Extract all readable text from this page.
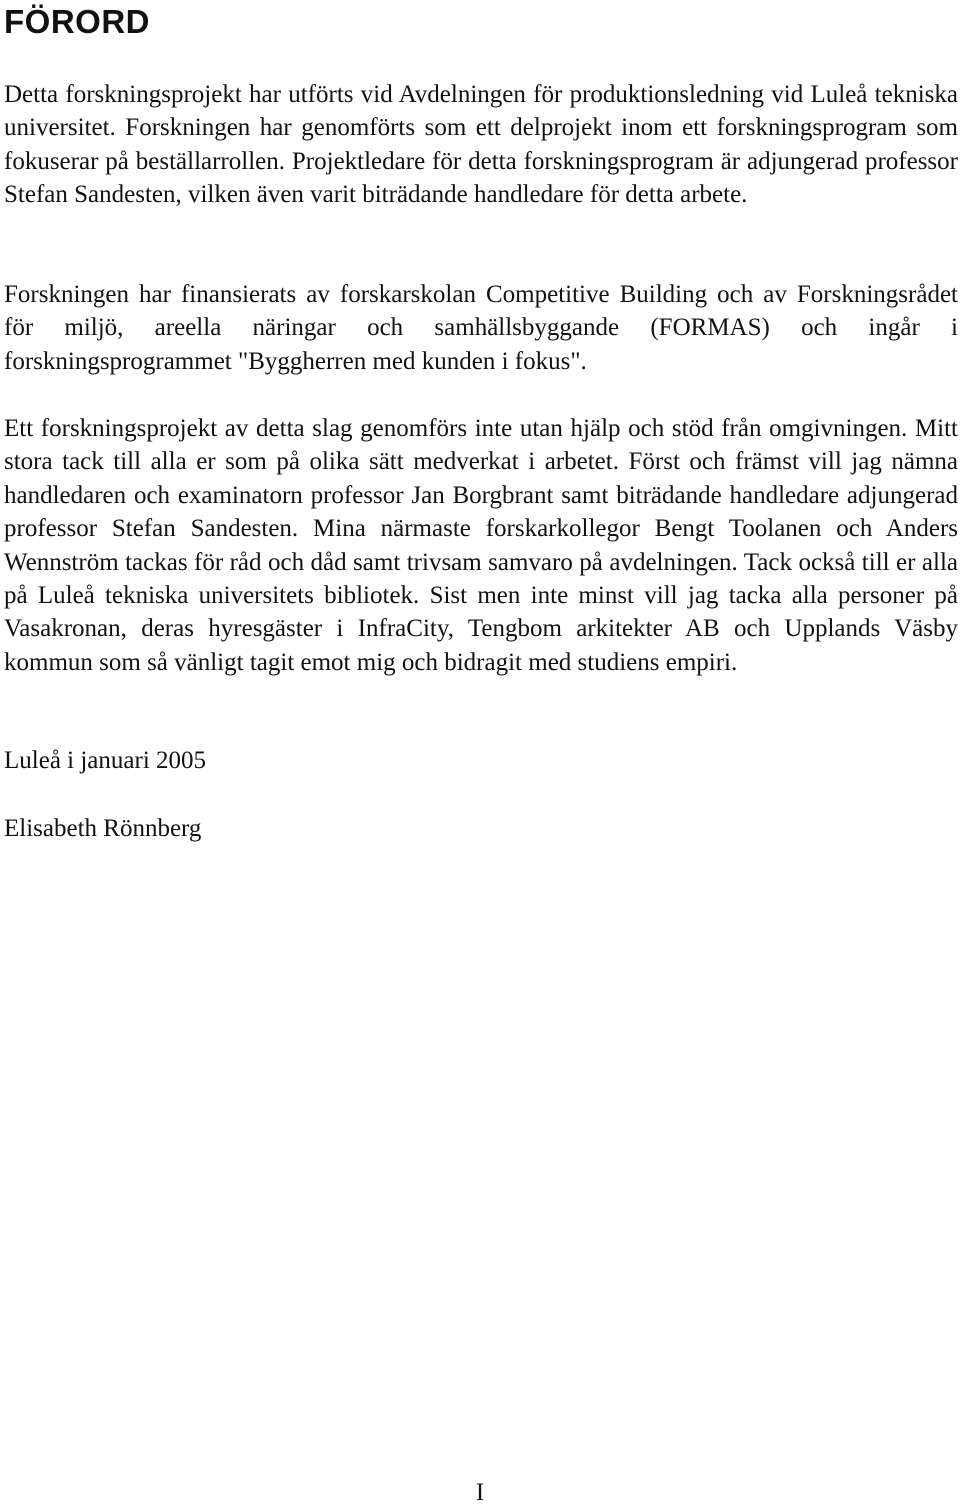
FÖRORD

Detta forskningsprojekt har utförts vid Avdelningen för produktionsledning vid Luleå tekniska universitet. Forskningen har genomförts som ett delprojekt inom ett forskningsprogram som fokuserar på beställarrollen. Projektledare för detta forskningsprogram är adjungerad professor Stefan Sandesten, vilken även varit biträdande handledare för detta arbete.

Forskningen har finansierats av forskarskolan Competitive Building och av Forskningsrådet för miljö, areella näringar och samhällsbyggande (FORMAS) och ingår i forskningsprogrammet "Byggherren med kunden i fokus".

Ett forskningsprojekt av detta slag genomförs inte utan hjälp och stöd från omgivningen. Mitt stora tack till alla er som på olika sätt medverkat i arbetet. Först och främst vill jag nämna handledaren och examinatorn professor Jan Borgbrant samt biträdande handledare adjungerad professor Stefan Sandesten. Mina närmaste forskarkollegor Bengt Toolanen och Anders Wennström tackas för råd och dåd samt trivsam samvaro på avdelningen. Tack också till er alla på Luleå tekniska universitets bibliotek. Sist men inte minst vill jag tacka alla personer på Vasakronan, deras hyresgäster i InfraCity, Tengbom arkitekter AB och Upplands Väsby kommun som så vänligt tagit emot mig och bidragit med studiens empiri.

Luleå i januari 2005

Elisabeth Rönnberg

I
